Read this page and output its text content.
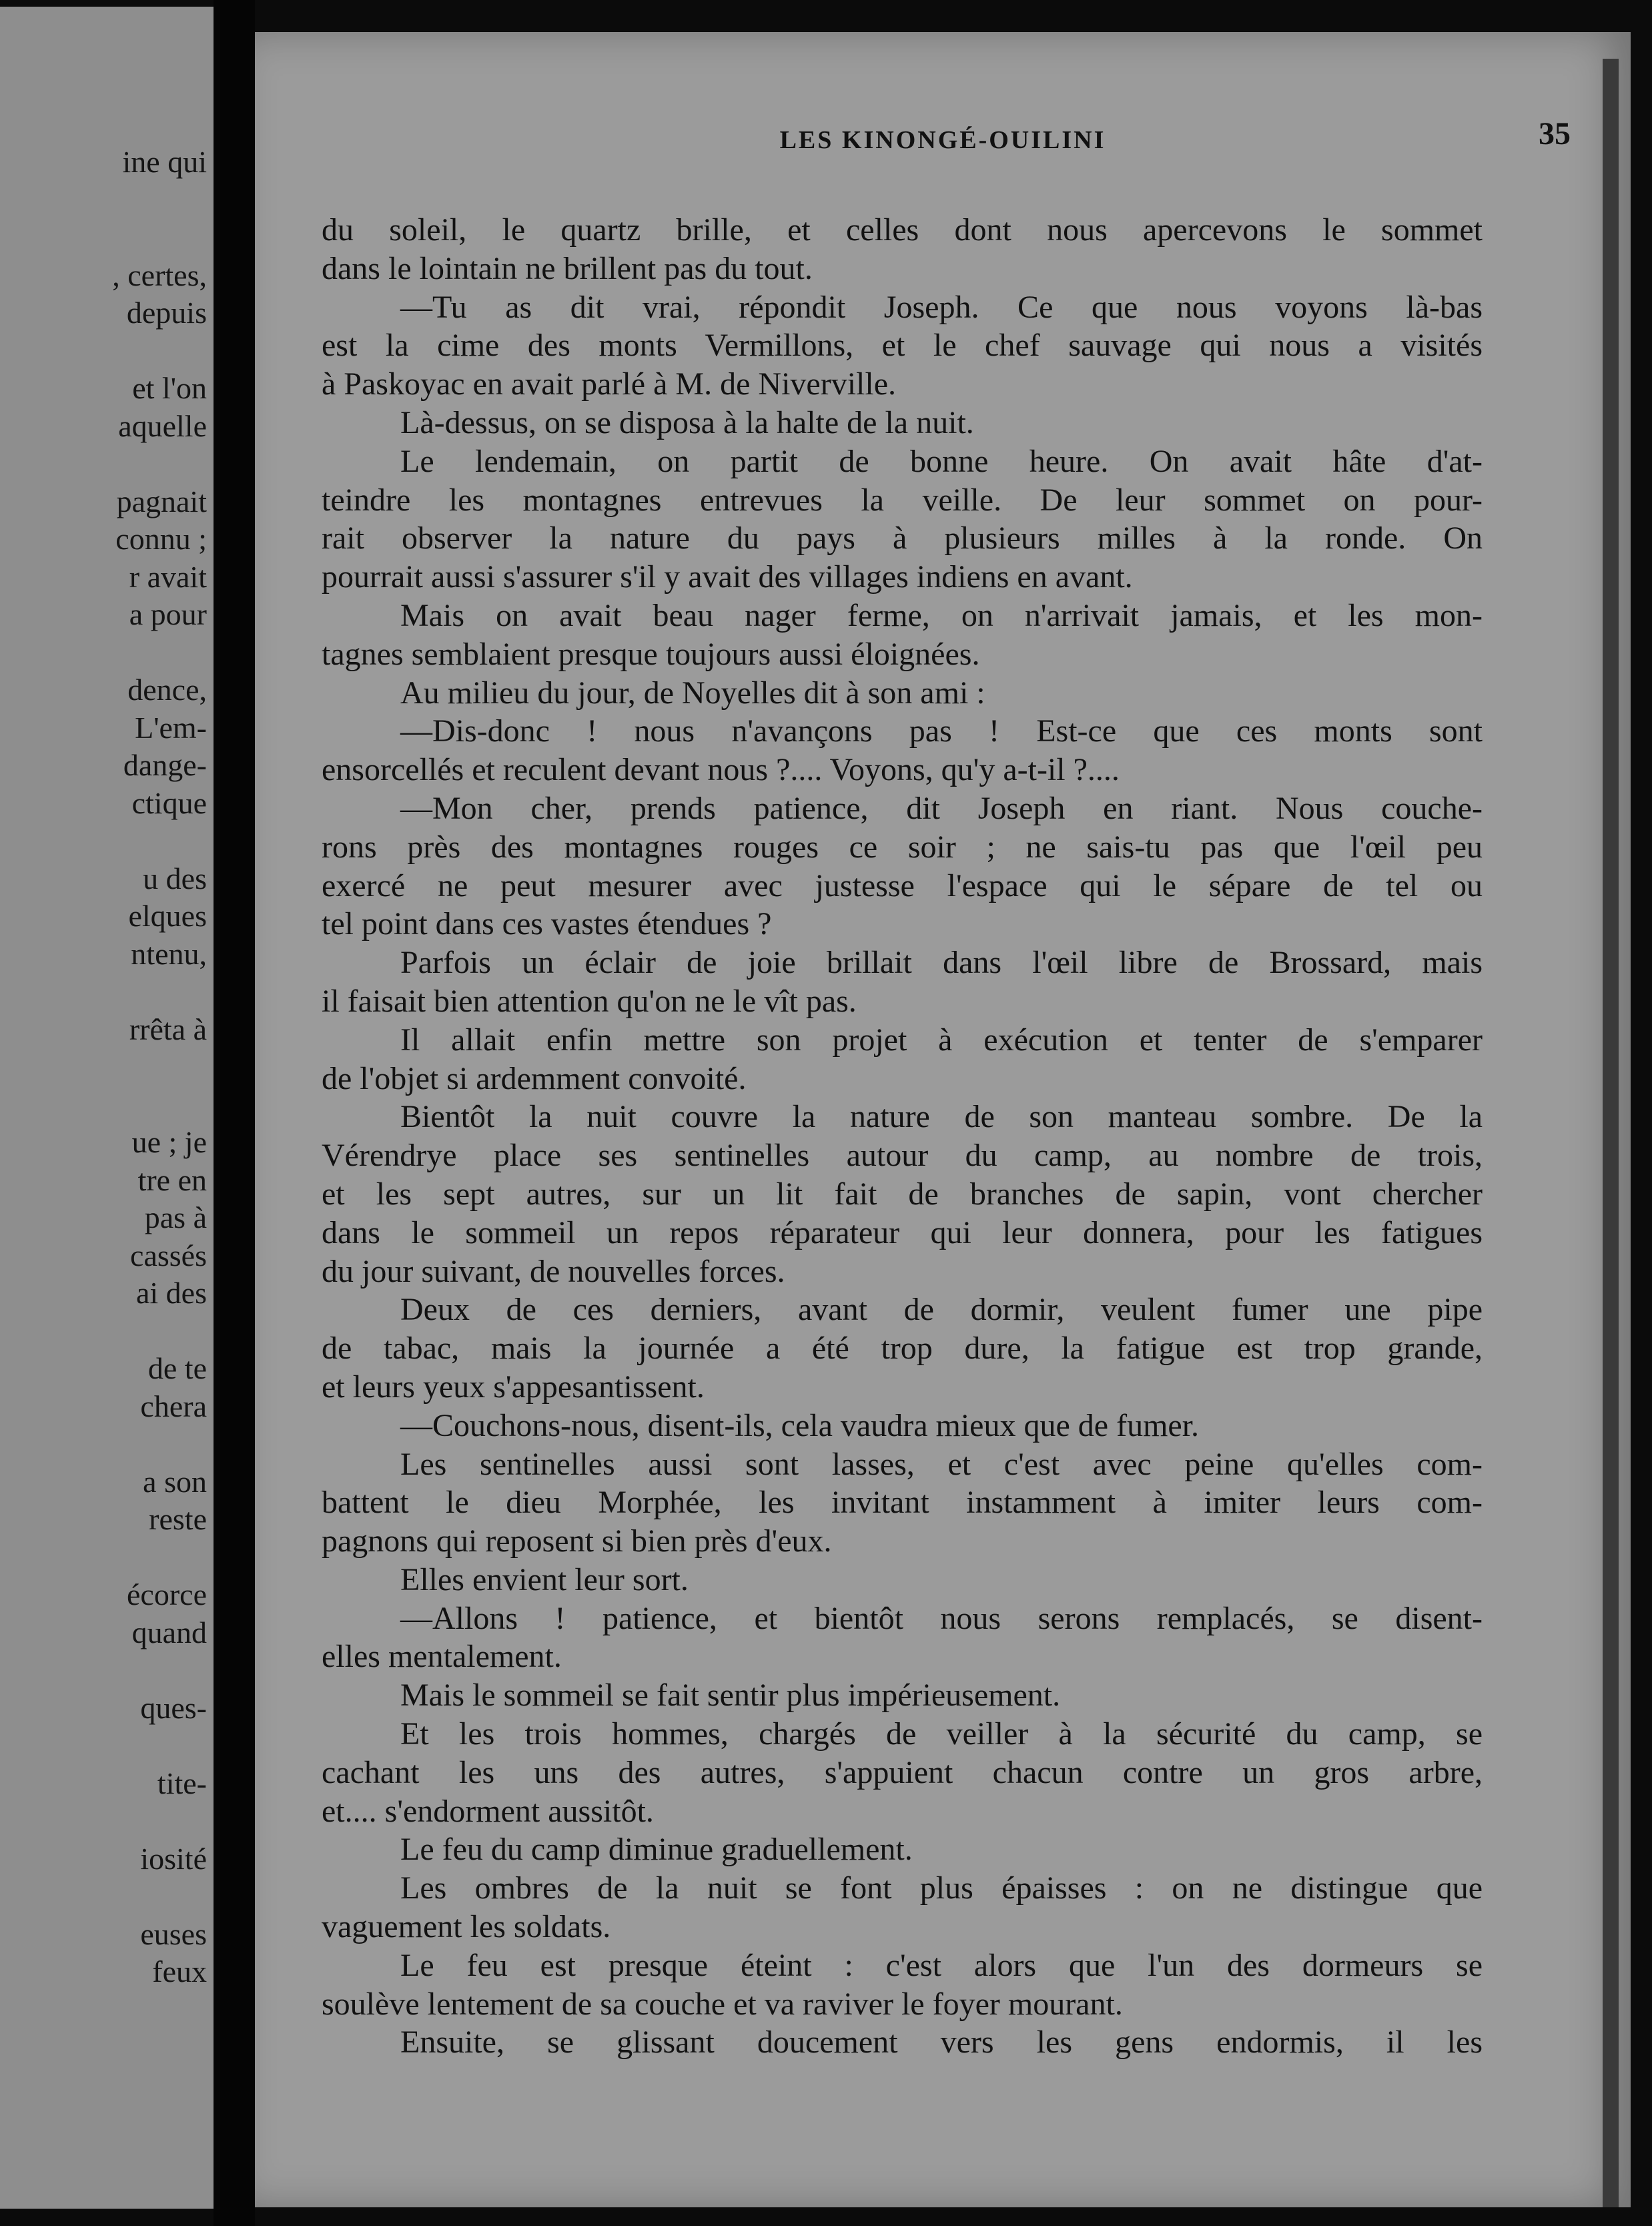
ine qui
, certes,
depuis
et l'on
aquelle
pagnait
connu ;
r avait
a pour
dence,
L'em-
dange-
ctique
u des
elques
ntenu,
rrêta à
ue ; je
tre en
pas à
cassés
ai des
de te
chera
a son
reste
écorce
quand
ques-
tite-
iosité
euses
feux
LES KINONGÉ-OUILINI	35
du soleil, le quartz brille, et celles dont nous apercevons le sommet
dans le lointain ne brillent pas du tout.
—Tu as dit vrai, répondit Joseph. Ce que nous voyons là-bas
est la cime des monts Vermillons, et le chef sauvage qui nous a visités
à Paskoyac en avait parlé à M. de Niverville.
Là-dessus, on se disposa à la halte de la nuit.
Le lendemain, on partit de bonne heure. On avait hâte d'at-
teindre les montagnes entrevues la veille. De leur sommet on pour-
rait observer la nature du pays à plusieurs milles à la ronde. On
pourrait aussi s'assurer s'il y avait des villages indiens en avant.
Mais on avait beau nager ferme, on n'arrivait jamais, et les mon-
tagnes semblaient presque toujours aussi éloignées.
Au milieu du jour, de Noyelles dit à son ami :
—Dis-donc ! nous n'avançons pas ! Est-ce que ces monts sont
ensorcellés et reculent devant nous ?.... Voyons, qu'y a-t-il ?....
—Mon cher, prends patience, dit Joseph en riant. Nous couche-
rons près des montagnes rouges ce soir ; ne sais-tu pas que l'œil peu
exercé ne peut mesurer avec justesse l'espace qui le sépare de tel ou
tel point dans ces vastes étendues ?
Parfois un éclair de joie brillait dans l'œil libre de Brossard, mais
il faisait bien attention qu'on ne le vît pas.
Il allait enfin mettre son projet à exécution et tenter de s'emparer
de l'objet si ardemment convoité.
Bientôt la nuit couvre la nature de son manteau sombre. De la
Vérendrye place ses sentinelles autour du camp, au nombre de trois,
et les sept autres, sur un lit fait de branches de sapin, vont chercher
dans le sommeil un repos réparateur qui leur donnera, pour les fatigues
du jour suivant, de nouvelles forces.
Deux de ces derniers, avant de dormir, veulent fumer une pipe
de tabac, mais la journée a été trop dure, la fatigue est trop grande,
et leurs yeux s'appesantissent.
—Couchons-nous, disent-ils, cela vaudra mieux que de fumer.
Les sentinelles aussi sont lasses, et c'est avec peine qu'elles com-
battent le dieu Morphée, les invitant instamment à imiter leurs com-
pagnons qui reposent si bien près d'eux.
Elles envient leur sort.
—Allons ! patience, et bientôt nous serons remplacés, se disent-
elles mentalement.
Mais le sommeil se fait sentir plus impérieusement.
Et les trois hommes, chargés de veiller à la sécurité du camp, se
cachant les uns des autres, s'appuient chacun contre un gros arbre,
et.... s'endorment aussitôt.
Le feu du camp diminue graduellement.
Les ombres de la nuit se font plus épaisses : on ne distingue que
vaguement les soldats.
Le feu est presque éteint : c'est alors que l'un des dormeurs se
soulève lentement de sa couche et va raviver le foyer mourant.
Ensuite, se glissant doucement vers les gens endormis, il les
